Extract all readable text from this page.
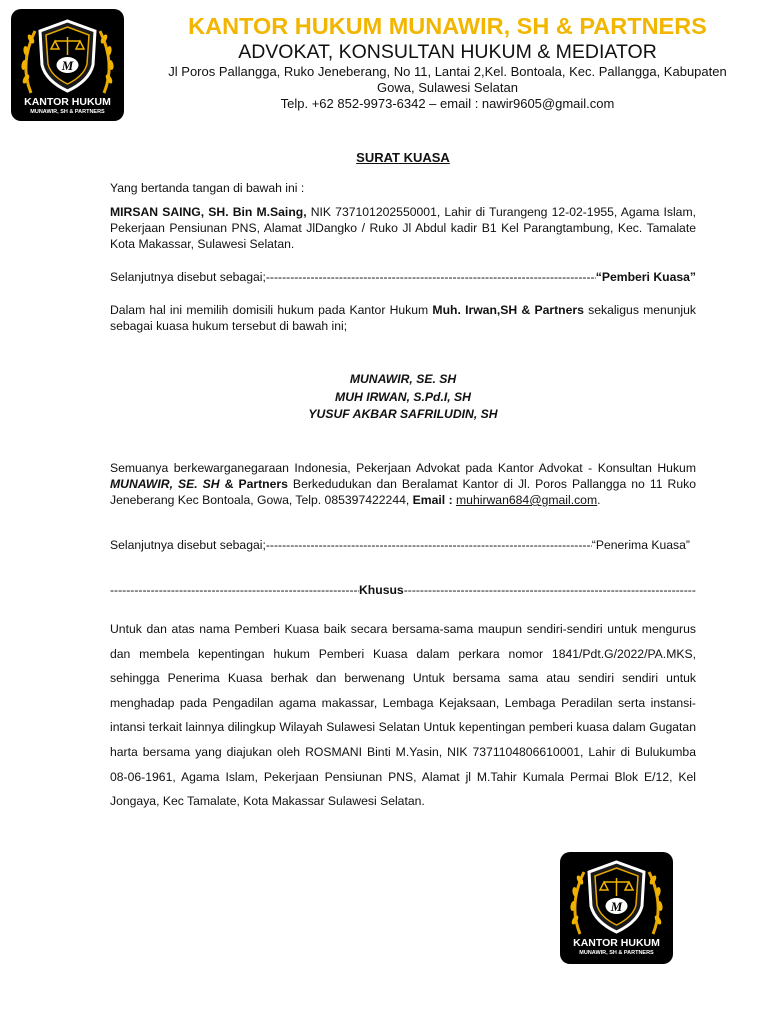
M
KANTOR HUKUM
MUNAWIR, SH & PARTNERS
KANTOR HUKUM MUNAWIR, SH & PARTNERS
ADVOKAT, KONSULTAN HUKUM & MEDIATOR
Jl Poros Pallangga, Ruko Jeneberang, No 11, Lantai 2,Kel. Bontoala, Kec. Pallangga, Kabupaten
Gowa, Sulawesi Selatan
Telp. +62 852-9973-6342 – email : nawir9605@gmail.com
SURAT KUASA
Yang bertanda tangan di bawah ini :
MIRSAN SAING, SH. Bin M.Saing, NIK 73710120255000​1, Lahir di Turangeng 12-02-1955, Agama Islam, Pekerjaan Pensiunan PNS, Alamat JlDangko / Ruko Jl Abdul kadir B1 Kel Parangtambung, Kec. Tamalate Kota Makassar, Sulawesi Selatan.
Selanjutnya disebut sebagai; -----	“Pemberi Kuasa”
Dalam hal ini memilih domisili hukum pada Kantor Hukum Muh. Irwan,SH & Partners sekaligus menunjuk sebagai kuasa hukum tersebut di bawah ini;
MUNAWIR, SE. SH
MUH IRWAN, S.Pd.I, SH
YUSUF AKBAR SAFRILUDIN, SH
Semuanya berkewarganegaraan Indonesia, Pekerjaan Advokat pada Kantor Advokat - Konsultan Hukum MUNAWIR, SE. SH & Partners Berkedudukan dan Beralamat Kantor di Jl. Poros Pallangga no 11 Ruko Jeneberang Kec Bontoala, Gowa, Telp. 085397422244, Email : muhirwan684@gmail.com.
Selanjutnya disebut sebagai; -----	“Penerima Kuasa”
-----
Khusus
-----
Untuk dan atas nama Pemberi Kuasa baik secara bersama-sama maupun sendiri-sendiri untuk mengurus dan membela kepentingan hukum Pemberi Kuasa dalam perkara nomor 1841/Pdt.G/2022/PA.MKS, sehingga Penerima Kuasa berhak dan berwenang Untuk bersama sama atau sendiri sendiri untuk menghadap pada Pengadilan agama makassar, Lembaga Kejaksaan, Lembaga Peradilan serta instansi-intansi terkait lainnya dilingkup Wilayah Sulawesi Selatan Untuk kepentingan pemberi kuasa dalam Gugatan harta bersama yang diajukan oleh ROSMANI Binti M.Yasin, NIK 7371104806610001, Lahir di Bulukumba 08-06-1961, Agama Islam, Pekerjaan Pensiunan PNS, Alamat jl M.Tahir Kumala Permai Blok E/12, Kel Jongaya, Kec Tamalate, Kota Makassar Sulawesi Selatan.
M
KANTOR HUKUM
MUNAWIR, SH & PARTNERS
